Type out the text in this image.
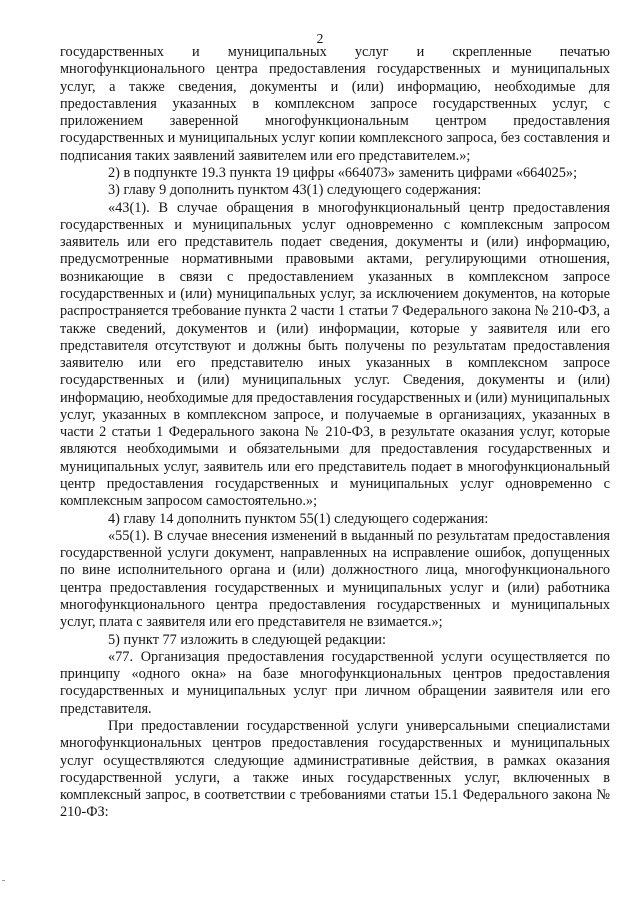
2

государственных и муниципальных услуг и скрепленные печатью многофункционального центра предоставления государственных и муниципальных услуг, а также сведения, документы и (или) информацию, необходимые для предоставления указанных в комплексном запросе государственных услуг, с приложением заверенной многофункциональным центром предоставления государственных и муниципальных услуг копии комплексного запроса, без составления и подписания таких заявлений заявителем или его представителем.»;

2) в подпункте 19.3 пункта 19 цифры «664073» заменить цифрами «664025»;

3) главу 9 дополнить пунктом 43(1) следующего содержания:

«43(1). В случае обращения в многофункциональный центр предоставления государственных и муниципальных услуг одновременно с комплексным запросом заявитель или его представитель подает сведения, документы и (или) информацию, предусмотренные нормативными правовыми актами, регулирующими отношения, возникающие в связи с предоставлением указанных в комплексном запросе государственных и (или) муниципальных услуг, за исключением документов, на которые распространяется требование пункта 2 части 1 статьи 7 Федерального закона № 210-ФЗ, а также сведений, документов и (или) информации, которые у заявителя или его представителя отсутствуют и должны быть получены по результатам предоставления заявителю или его представителю иных указанных в комплексном запросе государственных и (или) муниципальных услуг. Сведения, документы и (или) информацию, необходимые для предоставления государственных и (или) муниципальных услуг, указанных в комплексном запросе, и получаемые в организациях, указанных в части 2 статьи 1 Федерального закона № 210-ФЗ, в результате оказания услуг, которые являются необходимыми и обязательными для предоставления государственных и муниципальных услуг, заявитель или его представитель подает в многофункциональный центр предоставления государственных и муниципальных услуг одновременно с комплексным запросом самостоятельно.»;

4) главу 14 дополнить пунктом 55(1) следующего содержания:

«55(1). В случае внесения изменений в выданный по результатам предоставления государственной услуги документ, направленных на исправление ошибок, допущенных по вине исполнительного органа и (или) должностного лица, многофункционального центра предоставления государственных и муниципальных услуг и (или) работника многофункционального центра предоставления государственных и муниципальных услуг, плата с заявителя или его представителя не взимается.»;

5) пункт 77 изложить в следующей редакции:

«77. Организация предоставления государственной услуги осуществляется по принципу «одного окна» на базе многофункциональных центров предоставления государственных и муниципальных услуг при личном обращении заявителя или его представителя.

При предоставлении государственной услуги универсальными специалистами многофункциональных центров предоставления государственных и муниципальных услуг осуществляются следующие административные действия, в рамках оказания государственной услуги, а также иных государственных услуг, включенных в комплексный запрос, в соответствии с требованиями статьи 15.1 Федерального закона № 210-ФЗ:
